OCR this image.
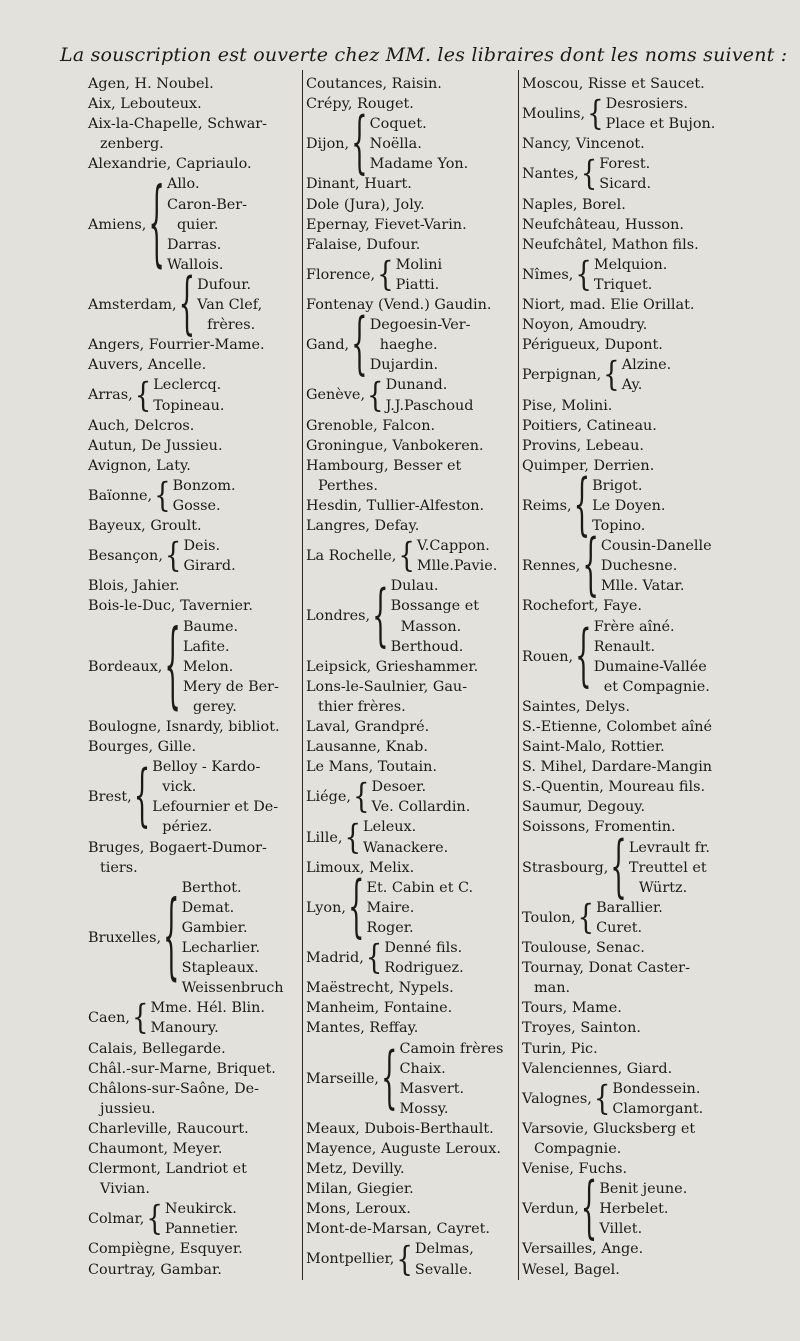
La souscription est ouverte chez MM. les libraires dont les noms suivent :
Agen, H. Noubel.
Aix, Lebouteux.
Aix-la-Chapelle, Schwar-
zenberg.
Alexandrie, Capriaulo.
Amiens, { Allo.
Caron-Ber-
quier.
Darras.
Wallois.
Amsterdam, { Dufour.
Van Clef,
frères.
Angers, Fourrier-Mame.
Auvers, Ancelle.
Arras, { Leclercq.
Topineau.
Auch, Delcros.
Autun, De Jussieu.
Avignon, Laty.
Baïonne, { Bonzom.
Gosse.
Bayeux, Groult.
Besançon, { Deis.
Girard.
Blois, Jahier.
Bois-le-Duc, Tavernier.
Bordeaux, { Baume.
Lafite.
Melon.
Mery de Ber-
gerey.
Boulogne, Isnardy, bibliot.
Bourges, Gille.
Brest, { Belloy - Kardo-
vick.
Lefournier et De-
périez.
Bruges, Bogaert-Dumor-
tiers.
Bruxelles, { Berthot.
Demat.
Gambier.
Lecharlier.
Stapleaux.
Weissenbruch
Caen, { Mme. Hél. Blin.
Manoury.
Calais, Bellegarde.
Châl.-sur-Marne, Briquet.
Châlons-sur-Saône, De-
jussieu.
Charleville, Raucourt.
Chaumont, Meyer.
Clermont, Landriot et
Vivian.
Colmar, { Neukirck.
Pannetier.
Compiègne, Esquyer.
Courtray, Gambar.
Coutances, Raisin.
Crépy, Rouget.
Dijon, { Coquet.
Noëlla.
Madame Yon.
Dinant, Huart.
Dole (Jura), Joly.
Epernay, Fievet-Varin.
Falaise, Dufour.
Florence, { Molini
Piatti.
Fontenay (Vend.) Gaudin.
Gand, { Degoesin-Ver-
haeghe.
Dujardin.
Genève, { Dunand.
J.J.Paschoud
Grenoble, Falcon.
Groningue, Vanbokeren.
Hambourg, Besser et
Perthes.
Hesdin, Tullier-Alfeston.
Langres, Defay.
La Rochelle, { V.Cappon.
Mlle.Pavie.
Londres, { Dulau.
Bossange et
Masson.
Berthoud.
Leipsick, Grieshammer.
Lons-le-Saulnier, Gau-
thier frères.
Laval, Grandpré.
Lausanne, Knab.
Le Mans, Toutain.
Liége, { Desoer.
Ve. Collardin.
Lille, { Leleux.
Wanackere.
Limoux, Melix.
Lyon, { Et. Cabin et C.
Maire.
Roger.
Madrid, { Denné fils.
Rodriguez.
Maëstrecht, Nypels.
Manheim, Fontaine.
Mantes, Reffay.
Marseille, { Camoin frères
Chaix.
Masvert.
Mossy.
Meaux, Dubois-Berthault.
Mayence, Auguste Leroux.
Metz, Devilly.
Milan, Giegier.
Mons, Leroux.
Mont-de-Marsan, Cayret.
Montpellier, { Delmas,
Sevalle.
Moscou, Risse et Saucet.
Moulins, { Desrosiers.
Place et Bujon.
Nancy, Vincenot.
Nantes, { Forest.
Sicard.
Naples, Borel.
Neufchâteau, Husson.
Neufchâtel, Mathon fils.
Nîmes, { Melquion.
Triquet.
Niort, mad. Elie Orillat.
Noyon, Amoudry.
Périgueux, Dupont.
Perpignan, { Alzine.
Ay.
Pise, Molini.
Poitiers, Catineau.
Provins, Lebeau.
Quimper, Derrien.
Reims, { Brigot.
Le Doyen.
Topino.
Rennes, { Cousin-Danelle
Duchesne.
Mlle. Vatar.
Rochefort, Faye.
Rouen, { Frère aîné.
Renault.
Dumaine-Vallée
et Compagnie.
Saintes, Delys.
S.-Etienne, Colombet aîné
Saint-Malo, Rottier.
S. Mihel, Dardare-Mangin
S.-Quentin, Moureau fils.
Saumur, Degouy.
Soissons, Fromentin.
Strasbourg, { Levrault fr.
Treuttel et
Würtz.
Toulon, { Barallier.
Curet.
Toulouse, Senac.
Tournay, Donat Caster-
man.
Tours, Mame.
Troyes, Sainton.
Turin, Pic.
Valenciennes, Giard.
Valognes, { Bondessein.
Clamorgant.
Varsovie, Glucksberg et
Compagnie.
Venise, Fuchs.
Verdun, { Benit jeune.
Herbelet.
Villet.
Versailles, Ange.
Wesel, Bagel.
